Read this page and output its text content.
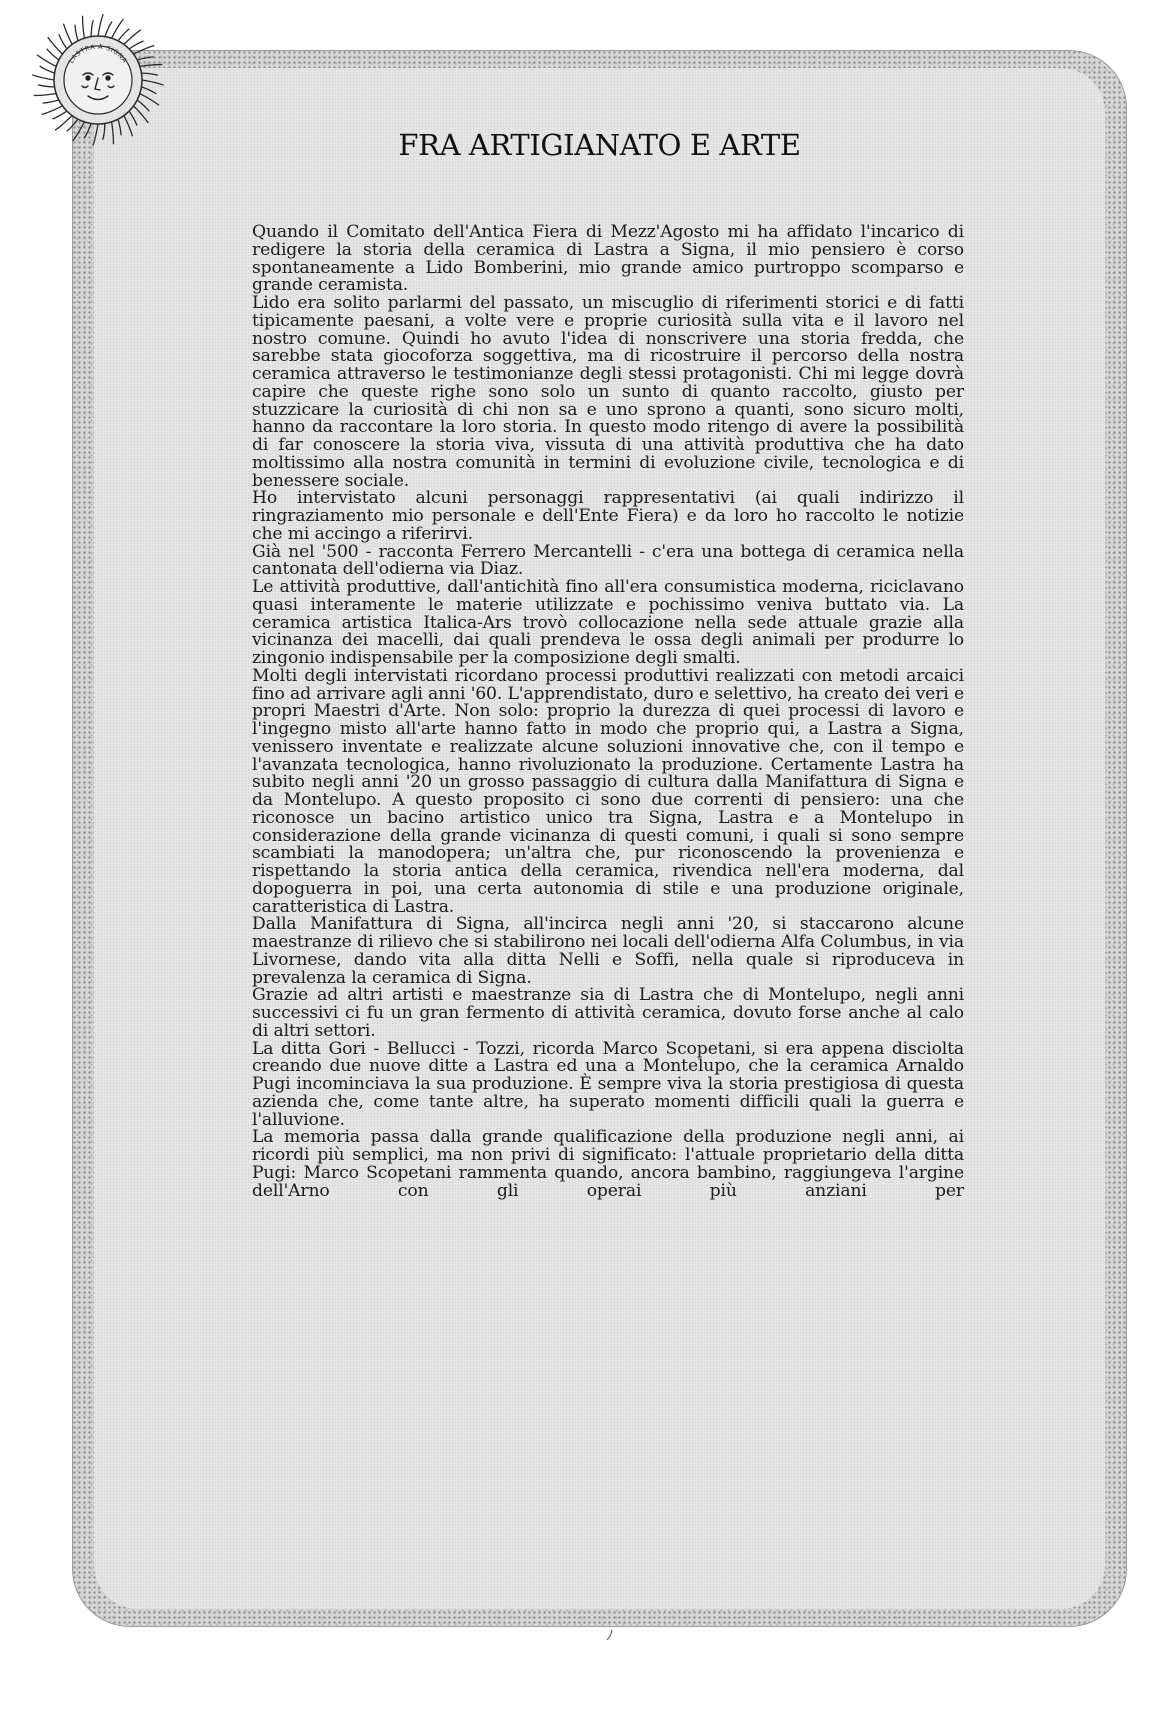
LASTRA A SIGNA
FRA ARTIGIANATO E ARTE

Quando il Comitato dell'Antica Fiera di Mezz'Agosto mi ha affidato l'incarico di redigere la storia della ceramica di Lastra a Signa, il mio pensiero è corso spontaneamente a Lido Bomberini, mio grande amico purtroppo scomparso e grande ceramista.

Lido era solito parlarmi del passato, un miscuglio di riferimenti storici e di fatti tipicamente paesani, a volte vere e proprie curiosità sulla vita e il lavoro nel nostro comune. Quindi ho avuto l'idea di nonscrivere una storia fredda, che sarebbe stata giocoforza soggettiva, ma di ricostruire il percorso della nostra ceramica attraverso le testimonianze degli stessi protagonisti. Chi mi legge dovrà capire che queste righe sono solo un sunto di quanto raccolto, giusto per stuzzicare la curiosità di chi non sa e uno sprono a quanti, sono sicuro molti, hanno da raccontare la loro storia. In questo modo ritengo di avere la possibilità di far conoscere la storia viva, vissuta di una attività produttiva che ha dato moltissimo alla nostra comunità in termini di evoluzione civile, tecnologica e di benessere sociale.

Ho intervistato alcuni personaggi rappresentativi (ai quali indirizzo il ringraziamento mio personale e dell'Ente Fiera) e da loro ho raccolto le notizie che mi accingo a riferirvi.

Già nel '500 - racconta Ferrero Mercantelli - c'era una bottega di ceramica nella cantonata dell'odierna via Diaz.

Le attività produttive, dall'antichità fino all'era consumistica moderna, riciclavano quasi interamente le materie utilizzate e pochissimo veniva buttato via. La ceramica artistica Italica-Ars trovò collocazione nella sede attuale grazie alla vicinanza dei macelli, dai quali prendeva le ossa degli animali per produrre lo zingonio indispensabile per la composizione degli smalti.

Molti degli intervistati ricordano processi produttivi realizzati con metodi arcaici fino ad arrivare agli anni '60. L'apprendistato, duro e selettivo, ha creato dei veri e propri Maestri d'Arte. Non solo: proprio la durezza di quei processi di lavoro e l'ingegno misto all'arte hanno fatto in modo che proprio qui, a Lastra a Signa, venissero inventate e realizzate alcune soluzioni innovative che, con il tempo e l'avanzata tecnologica, hanno rivoluzionato la produzione. Certamente Lastra ha subito negli anni '20 un grosso passaggio di cultura dalla Manifattura di Signa e da Montelupo. A questo proposito ci sono due correnti di pensiero: una che riconosce un bacino artistico unico tra Signa, Lastra e a Montelupo in considerazione della grande vicinanza di questi comuni, i quali si sono sempre scambiati la manodopera; un'altra che, pur riconoscendo la provenienza e rispettando la storia antica della ceramica, rivendica nell'era moderna, dal dopoguerra in poi, una certa autonomia di stile e una produzione originale, caratteristica di Lastra.

Dalla Manifattura di Signa, all'incirca negli anni '20, si staccarono alcune maestranze di rilievo che si stabilirono nei locali dell'odierna Alfa Columbus, in via Livornese, dando vita alla ditta Nelli e Soffi, nella quale si riproduceva in prevalenza la ceramica di Signa.

Grazie ad altri artisti e maestranze sia di Lastra che di Montelupo, negli anni successivi ci fu un gran fermento di attività ceramica, dovuto forse anche al calo di altri settori.

La ditta Gori - Bellucci - Tozzi, ricorda Marco Scopetani, si era appena disciolta creando due nuove ditte a Lastra ed una a Montelupo, che la ceramica Arnaldo Pugi incominciava la sua produzione. È sempre viva la storia prestigiosa di questa azienda che, come tante altre, ha superato momenti difficili quali la guerra e l'alluvione.

La memoria passa dalla grande qualificazione della produzione negli anni, ai ricordi più semplici, ma non privi di significato: l'attuale proprietario della ditta Pugi: Marco Scopetani rammenta quando, ancora bambino, raggiungeva l'argine dell'Arno con gli operai più anziani per
